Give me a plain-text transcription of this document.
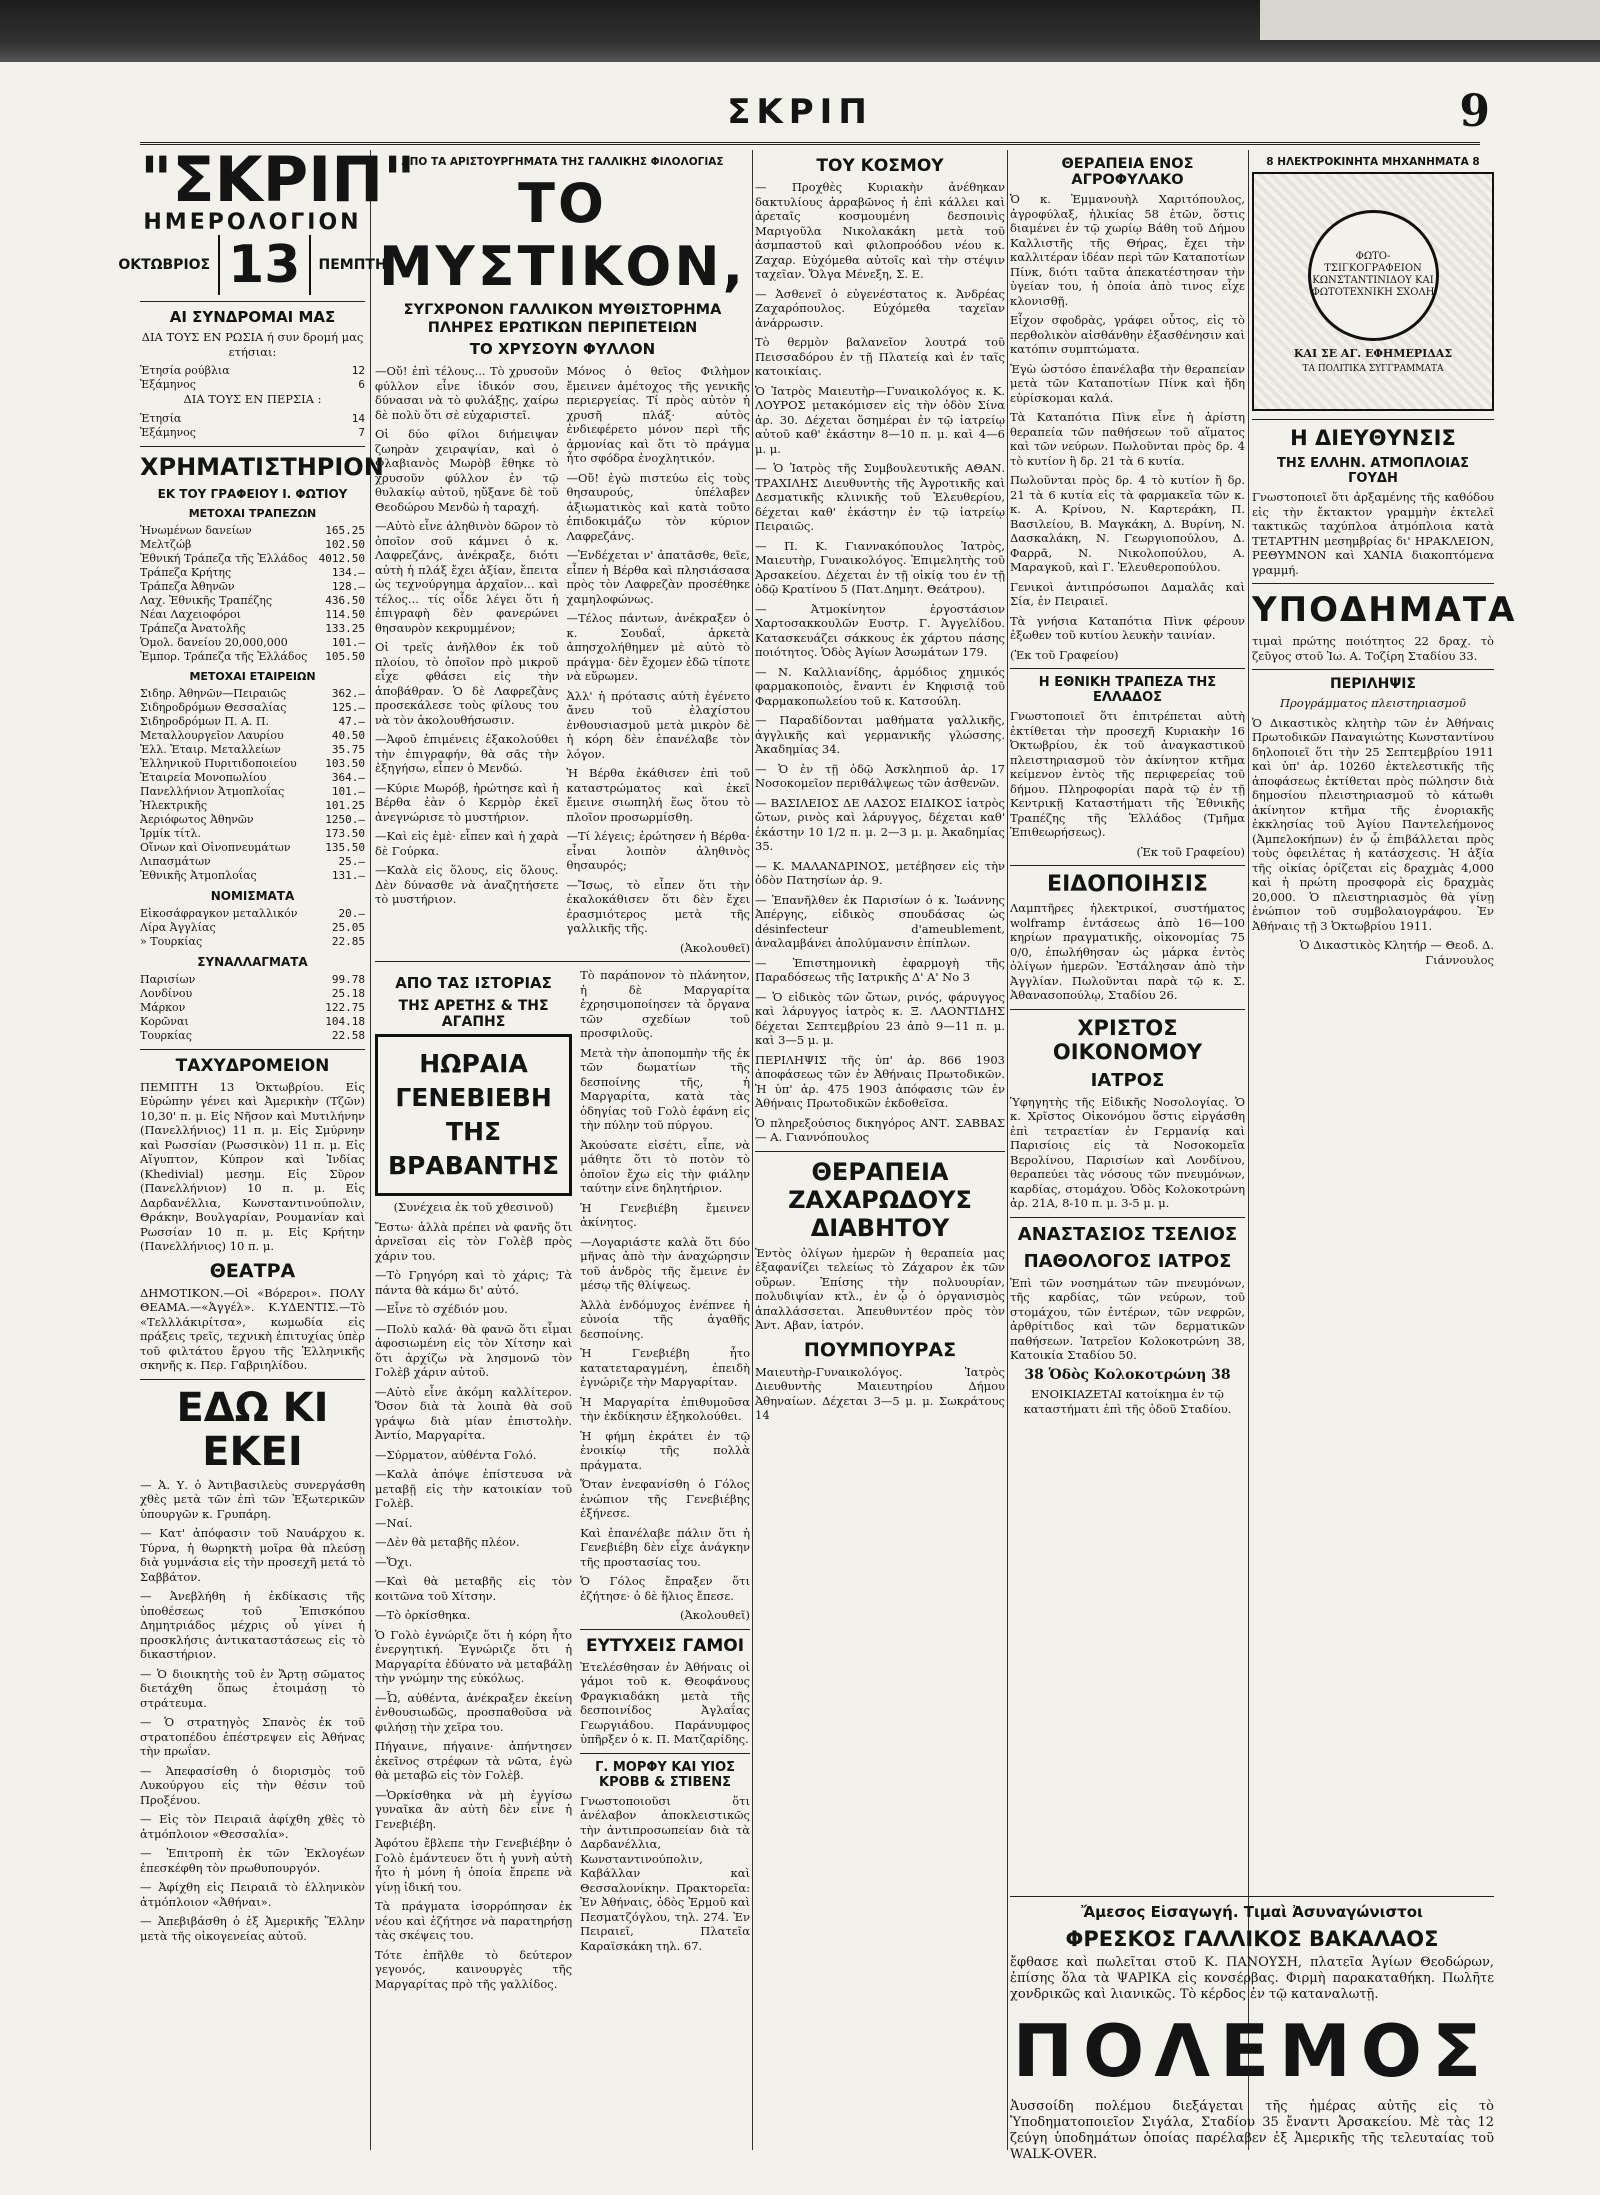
ΣΚΡΙΠ	9
"ΣΚΡΙΠ"
ΗΜΕΡΟΛΟΓΙΟΝ
ΟΚΤΩΒΡΙΟΣ 13	ΠΕΜΠΤΗ
ΑΙ ΣΥΝΔΡΟΜΑΙ ΜΑΣ

ΔΙΑ ΤΟΥΣ ΕΝ ΡΩΣΙΑ ή συν δρομή μας ετήσιαι:

Ἐτησία ρούβλια	12
Ἑξάμηνος	6

ΔΙΑ ΤΟΥΣ ΕΝ ΠΕΡΣΙΑ :

Ἐτησία	14
Ἑξάμηνος	7
ΧΡΗΜΑΤΙΣΤΗΡΙΟΝ
ΕΚ ΤΟΥ ΓΡΑΦΕΙΟΥ Ι. ΦΩΤΙΟΥ
ΜΕΤΟΧΑΙ ΤΡΑΠΕΖΩΝ
Ἡνωμένων δανείων	165.25
Μελτζώβ	102.50
Ἐθνική Τράπεζα τῆς Ἑλλάδος 4012.50
Τράπεζα Κρήτης	134.—
Τράπεζα Ἀθηνῶν	128.—
Λαχ. Ἐθνικῆς Τραπέζης	436.50
Νέαι Λαχειοφόροι	114.50
Τράπεζα Ἀνατολῆς	133.25
Ὁμολ. δανείου 20,000,000	101.—
Ἐμπορ. Τράπεζα τῆς Ἑλλάδος 105.50
ΜΕΤΟΧΑΙ ΕΤΑΙΡΕΙΩΝ
Σιδηρ. Ἀθηνῶν—Πειραιῶς	362.—
Σιδηροδρόμων Θεσσαλίας	125.—
Σιδηροδρόμων Π. Α. Π.	47.—
Μεταλλουργεῖον Λαυρίου	40.50
Ἑλλ. Ἑταιρ. Μεταλλείων	35.75
Ἑλληνικοῦ Πυριτιδοποιείου	103.50
Ἑταιρεία Μονοπωλίου	364.—
Πανελλήνιον Ἀτμοπλοΐας	101.—
Ἠλεκτρικῆς	101.25
Ἀεριόφωτος Ἀθηνῶν	1250.—
Ἰρμίκ τίτλ.	173.50
Οἴνων καὶ Οἰνοπνευμάτων	135.50
Λιπασμάτων	25.—
Ἐθνικῆς Ἀτμοπλοΐας	131.—
ΝΟΜΙΣΜΑΤΑ
Εἰκοσάφραγκον μεταλλικόν	20.—
Λίρα Ἀγγλίας	25.05
» Τουρκίας	22.85
ΣΥΝΑΛΛΑΓΜΑΤΑ
Παρισίων	99.78
Λονδίνου	25.18
Μάρκον	122.75
Κορῶναι	104.18
Τουρκίας	22.58
ΤΑΧΥΔΡΟΜΕΙΟΝ

ΠΕΜΠΤΗ 13 Ὀκτωβρίου. Εἰς Εὐρώπην γένει καὶ Ἀμερικὴν (Τζῶν) 10,30' π. μ. Εἰς Νῆσον καὶ Μυτιλήνην (Πανελλήνιος) 11 π. μ. Εἰς Σμύρνην καὶ Ρωσσίαν (Ρωσσικὸν) 11 π. μ. Εἰς Αἴγυπτον, Κύπρον καὶ Ἰνδίας (Khedivial) μεσημ. Εἰς Σῦρον (Πανελλήνιον) 10 π. μ. Εἰς Δαρδανέλλια, Κωνσταντινούπολιν, Θράκην, Βουλγαρίαν, Ρουμανίαν καὶ Ρωσσίαν 10 π. μ. Εἰς Κρήτην (Πανελλήνιος) 10 π. μ.

ΘΕΑΤΡΑ

ΔΗΜΟΤΙΚΟΝ.—Οἱ «Βόρεροι». ΠΟΛΥ ΘΕΑΜΑ.—«Ἀγγέλ». Κ.ΥΔΕΝΤΙΣ.—Τὸ «Τελλλάκιρίτσα», κωμωδία εἰς πράξεις τρεῖς, τεχνικὴ ἐπιτυχίας ὑπὲρ τοῦ φιλτάτου ἔργου τῆς Ἑλληνικῆς σκηνῆς κ. Περ. Γαβριηλίδου.

ΕΔΩ ΚΙ ΕΚΕΙ

— Ἀ. Υ. ὁ Ἀντιβασιλεὺς συνεργάσθη χθὲς μετὰ τῶν ἐπὶ τῶν Ἐξωτερικῶν ὑπουργῶν κ. Γρυπάρη.

— Κατ' ἀπόφασιν τοῦ Ναυάρχου κ. Τύρνα, ἡ θωρηκτὴ μοῖρα θὰ πλεύσῃ διὰ γυμνάσια εἰς τὴν προσεχῆ μετά τὸ Σαββάτον.

— Ἀνεβλήθη ἡ ἐκδίκασις τῆς ὑποθέσεως τοῦ Ἐπισκόπου Δημητριάδος μέχρις οὗ γίνει ἡ προσκλήσις ἀντικαταστάσεως εἰς τὸ δικαστήριον.

— Ὁ διοικητὴς τοῦ ἐν Ἄρτῃ σῶματος διετάχθη ὅπως ἐτοιμάσῃ τὸ στράτευμα.

— Ὁ στρατηγὸς Σπανὸς ἐκ τοῦ στρατοπέδου ἐπέστρεψεν εἰς Ἀθήνας τὴν πρωΐαν.

— Ἀπεφασίσθη ὁ διορισμὸς τοῦ Λυκούργου εἰς τὴν θέσιν τοῦ Προξένου.

— Εἰς τὸν Πειραιᾶ ἀφίχθη χθὲς τὸ ἀτμόπλοιον «Θεσσαλία».

— Ἐπιτροπὴ ἐκ τῶν Ἐκλογέων ἐπεσκέφθη τὸν πρωθυπουργόν.

— Ἀφίχθη εἰς Πειραιᾶ τὸ ἑλληνικὸν ἀτμόπλοιον «Ἀθήναι».

— Ἀπεβιβάσθη ὁ ἐξ Ἀμερικῆς Ἕλλην μετὰ τῆς οἰκογενείας αὐτοῦ.

ΑΠΟ ΤΑ ΑΡΙΣΤΟΥΡΓΗΜΑΤΑ ΤΗΣ ΓΑΛΛΙΚΗΣ ΦΙΛΟΛΟΓΙΑΣ
ΤΟ ΜΥΣΤΙΚΟΝ,
ΣΥΓΧΡΟΝΟΝ ΓΑΛΛΙΚΟΝ ΜΥΘΙΣΤΟΡΗΜΑ
ΠΛΗΡΕΣ ΕΡΩΤΙΚΩΝ ΠΕΡΙΠΕΤΕΙΩΝ
ΤΟ ΧΡΥΣΟΥΝ ΦΥΛΛΟΝ

—Οὔ! ἐπὶ τέλους... Τὸ χρυσοῦν φύλλον εἶνε ἰδικόν σου, δύνασαι νὰ τὸ φυλάξῃς, χαίρω δὲ πολὺ ὅτι σὲ εὐχαριστεῖ.

Οἱ δύο φίλοι διήμειψαν ζωηρὰν χειραψίαν, καὶ ὁ Φλαβιανὸς Μωρὸβ ἔθηκε τὸ χρυσοῦν φύλλον ἐν τῷ θυλακίῳ αὐτοῦ, ηὔξανε δὲ τοῦ Θεοδώρου Μενδὼ ἡ ταραχή.

—Αὐτὸ εἶνε ἀληθινὸν δῶρον τὸ ὁποῖον σοῦ κάμνει ὁ κ. Λαφρεζάνς, ἀνέκραξε, διότι αὐτὴ ἡ πλάξ ἔχει ἀξίαν, ἔπειτα ὡς τεχνούργημα ἀρχαῖον... καὶ τέλος... τίς οἶδε λέγει ὅτι ἡ ἐπιγραφὴ δὲν φανερώνει θησαυρὸν κεκρυμμένον;

Οἱ τρεῖς ἀνῆλθον ἐκ τοῦ πλοίου, τὸ ὁποῖον πρὸ μικροῦ εἶχε φθάσει εἰς τὴν ἀποβάθραν. Ὁ δὲ Λαφρεζὰνς προσεκάλεσε τοὺς φίλους του νὰ τὸν ἀκολουθήσωσιν.

—Ἀφοῦ ἐπιμένεις ἐξακολούθει τὴν ἐπιγραφήν, θὰ σᾶς τὴν ἐξηγήσω, εἶπεν ὁ Μενδώ.

—Κύριε Μωρόβ, ἠρώτησε καὶ ἡ Βέρθα ἐὰν ὁ Κερμὸρ ἐκεῖ ἀνεγνώρισε τὸ μυστήριον.

—Καὶ εἰς ἐμὲ· εἶπεν καὶ ἡ χαρὰ δὲ Γούρκα.

—Καλὰ εἰς ὅλους, εἰς ὅλους. Δὲν δύνασθε νὰ ἀναζητήσετε τὸ μυστήριον.

Μόνος ὁ θεῖος Φιλὴμον ἔμεινεν ἀμέτοχος τῆς γενικῆς περιεργείας. Τί πρὸς αὐτὸν ἡ χρυσῆ πλάξ· αὐτὸς ἐνδιεφέρετο μόνον περὶ τῆς ἁρμονίας καὶ ὅτι τὸ πράγμα ἦτο σφόδρα ἐνοχλητικόν.

—Οὔ! ἐγὼ πιστεύω εἰς τοὺς θησαυρούς, ὑπέλαβεν ἀξιωματικὸς καὶ κατὰ τοῦτο ἐπιδοκιμάζω τὸν κύριον Λαφρεζάνς.

—Ἐνδέχεται ν' ἀπατᾶσθε, θεῖε, εἶπεν ἡ Βέρθα καὶ πλησιάσασα πρὸς τὸν Λαφρεζὰν προσέθηκε χαμηλοφώνως.

—Τέλος πάντων, ἀνέκραξεν ὁ κ. Σουδαΐ, ἀρκετὰ ἀπησχολήθημεν μὲ αὐτὸ τὸ πράγμα· δὲν ἔχομεν ἐδῶ τίποτε νὰ εὕρωμεν.

Ἀλλ' ἡ πρότασις αὐτὴ ἐγένετο ἄνευ τοῦ ἐλαχίστου ἐνθουσιασμοῦ μετὰ μικρὸν δὲ ἡ κόρη δὲν ἐπανέλαβε τὸν λόγον.

Ἡ Βέρθα ἐκάθισεν ἐπὶ τοῦ καταστρώματος καὶ ἐκεῖ ἔμεινε σιωπηλή ἕως ὅτου τὸ πλοῖον προσωρμίσθη.

—Τί λέγεις; ἐρώτησεν ἡ Βέρθα· εἶναι λοιπὸν ἀληθινὸς θησαυρός;

—Ἴσως, τὸ εἶπεν ὅτι τὴν ἐκαλοκάθισεν ὅτι δὲν ἔχει ἐρασμιότερος μετὰ τῆς γαλλικῆς τῆς.

(Ἀκολουθεῖ)

ΑΠΟ ΤΑΣ ΙΣΤΟΡΙΑΣ
ΤΗΣ ΑΡΕΤΗΣ & ΤΗΣ ΑΓΑΠΗΣ
ΗΩΡΑΙΑ ΓΕΝΕΒΙΕΒΗ ΤΗΣ ΒΡΑΒΑΝΤΗΣ

(Συνέχεια ἐκ τοῦ χθεσινοῦ)

Ἔστω· ἀλλὰ πρέπει νὰ φανῆς ὅτι ἀρνεῖσαι εἰς τὸν Γολὲβ πρὸς χάριν του.

—Τὸ Γρηγόρη καὶ τὸ χάρις; Τὰ πάντα θὰ κάμω δι' αὐτό.

—Εἶνε τὸ σχέδιόν μου.

—Πολὺ καλά· θὰ φανῶ ὅτι εἶμαι ἀφοσιωμένη εἰς τὸν Χίτσην καὶ ὅτι ἀρχίζω νὰ λησμονῶ τὸν Γολὲβ χάριν αὐτοῦ.

—Αὐτὸ εἶνε ἀκόμη καλλίτερον. Ὅσον διὰ τὰ λοιπὰ θὰ σοῦ γράψω διὰ μίαν ἐπιστολὴν. Ἀντίο, Μαργαρίτα.

—Σύρματον, αὐθέντα Γολό.

—Καλὰ ἀπόψε ἐπίστευσα νὰ μεταβῇ εἰς τὴν κατοικίαν τοῦ Γολὲβ.

—Ναί.

—Δὲν θὰ μεταβῆς πλέον.

—Ὄχι.

—Καὶ θὰ μεταβῆς εἰς τὸν κοιτῶνα τοῦ Χίτσην.

—Τὸ ὀρκίσθηκα.

Ὁ Γολὸ ἐγνώριζε ὅτι ἡ κόρη ἦτο ἐνεργητική. Ἐγνώριζε ὅτι ἡ Μαργαρίτα ἐδύνατο νὰ μεταβάλῃ τὴν γνώμην της εὐκόλως.

—Ὦ, αὐθέντα, ἀνέκραξεν ἐκείνη ἐνθουσιωδῶς, προσπαθοῦσα νὰ φιλήσῃ τὴν χεῖρα του.

Πήγαινε, πήγαινε· ἀπήντησεν ἐκεῖνος στρέφων τὰ νῶτα, ἐγὼ θὰ μεταβῶ εἰς τὸν Γολὲβ.

—Ὁρκίσθηκα νὰ μὴ ἐγγίσω γυναῖκα ἂν αὐτὴ δὲν εἶνε ἡ Γενεβιέβη.

Ἀφότου ἔβλεπε τὴν Γενεβιέβην ὁ Γολὸ ἐμάντευεν ὅτι ἡ γυνὴ αὐτὴ ἦτο ἡ μόνη ἡ ὁποία ἔπρεπε νὰ γίνῃ ἰδική του.

Τὰ πράγματα ἰσορρόπησαν ἐκ νέου καὶ ἐζήτησε νὰ παρατηρήσῃ τὰς σκέψεις του.

Τότε ἐπῆλθε τὸ δεύτερον γεγονός, καινουργὲς τῆς Μαργαρίτας πρὸ τῆς γαλλίδος.

Τὸ παράπονον τὸ πλάνητον, ἡ δὲ Μαργαρίτα ἐχρησιμοποίησεν τὰ ὄργανα τῶν σχεδίων τοῦ προσφιλοῦς.

Μετὰ τὴν ἀποπομπὴν τῆς ἐκ τῶν δωματίων τῆς δεσποίνης τῆς, ἡ Μαργαρίτα, κατὰ τὰς ὁδηγίας τοῦ Γολὸ ἐφάνη εἰς τὴν πύλην τοῦ πύργου.

Ἀκούσατε εἰσέτι, εἶπε, νὰ μάθητε ὅτι τὸ ποτὸν τὸ ὁποῖον ἔχω εἰς τὴν φιάλην ταύτην εἶνε δηλητήριον.

Ἡ Γενεβιέβη ἔμεινεν ἀκίνητος.

—Λογαριάστε καλὰ ὅτι δύο μῆνας ἀπὸ τὴν ἀναχώρησιν τοῦ ἀνδρὸς τῆς ἔμεινε ἐν μέσῳ τῆς θλίψεως.

Ἀλλὰ ἐνδόμυχος ἐνέπνεε ἡ εὐνοία τῆς ἀγαθῆς δεσποίνης.

Ἡ Γενεβιέβη ἦτο κατατεταραγμένη, ἐπειδὴ ἐγνώριζε τὴν Μαργαρίταν.

Ἡ Μαργαρίτα ἐπιθυμοῦσα τὴν ἐκδίκησιν ἐξηκολούθει.

Ἡ φήμη ἐκράτει ἐν τῷ ἐνοικίῳ τῆς πολλὰ πράγματα.

Ὅταν ἐνεφανίσθη ὁ Γόλος ἐνώπιον τῆς Γενεβιέβης ἐξήνεσε.

Καὶ ἐπανέλαβε πάλιν ὅτι ἡ Γενεβιέβη δὲν εἶχε ἀνάγκην τῆς προστασίας του.

Ὁ Γόλος ἔπραξεν ὅτι ἐζήτησε· ὁ δὲ ἥλιος ἔπεσε.

(Ἀκολουθεῖ)

ΕΥΤΥΧΕΙΣ ΓΑΜΟΙ

Ἐτελέσθησαν ἐν Ἀθήναις οἱ γάμοι τοῦ κ. Θεοφάνους Φραγκιαδάκη μετὰ τῆς δεσποινίδος Ἀγλαΐας Γεωργιάδου. Παράνυμφος ὑπῆρξεν ὁ κ. Π. Ματζαρίδης.

Γ. ΜΟΡΦΥ ΚΑΙ ΥΙΟΣ ΚΡΟΒΒ & ΣΤΙΒΕΝΣ

Γνωστοποιοῦσι ὅτι ἀνέλαβον ἀποκλειστικῶς τὴν ἀντιπροσωπείαν διὰ τὰ Δαρδανέλλια, Κωνσταντινούπολιν, Καβάλλαν καὶ Θεσσαλονίκην. Πρακτορεῖα: Ἐν Ἀθήναις, ὁδὸς Ἑρμοῦ καὶ Πεσματζόγλου, τηλ. 274. Ἐν Πειραιεῖ, Πλατεῖα Καραϊσκάκη τηλ. 67.

ΤΟΥ ΚΟΣΜΟΥ

— Προχθὲς Κυριακὴν ἀνέθηκαν δακτυλίους ἀρραβῶνος ἡ ἐπὶ κάλλει καὶ ἀρεταῖς κοσμουμένη δεσποινὶς Μαριγοῦλα Νικολακάκη μετὰ τοῦ ἀσμπαστοῦ καὶ φιλοπροόδου νέου κ. Ζαχαρ. Εὐχόμεθα αὐτοῖς καὶ τὴν στέψιν ταχεῖαν. Ὄλγα Μένεξη, Σ. Ε.

— Ἀσθενεῖ ὁ εὐγενέστατος κ. Ἀνδρέας Ζαχαρόπουλος. Εὐχόμεθα ταχεῖαν ἀνάρρωσιν.

Τὸ θερμὸν βαλανεῖον λουτρά τοῦ Πεισσαδόρου ἐν τῇ Πλατείᾳ καὶ ἐν ταῖς κατοικίαις.

Ὁ Ἰατρὸς Μαιευτὴρ—Γυναικολόγος κ. Κ. ΛΟΥΡΟΣ μετακόμισεν εἰς τὴν ὁδὸν Σίνα ἀρ. 30. Δέχεται ὅσημέραι ἐν τῷ ἰατρείῳ αὐτοῦ καθ' ἑκάστην 8—10 π. μ. καὶ 4—6 μ. μ.

— Ὁ Ἰατρὸς τῆς Συμβουλευτικῆς ΑΘΑΝ. ΤΡΑΧΙΛΗΣ Διευθυντὴς τῆς Ἀγροτικῆς καὶ Δεσματικῆς κλινικῆς τοῦ Ἐλευθερίου, δέχεται καθ' ἑκάστην ἐν τῷ ἰατρείῳ Πειραιῶς.

— Π. Κ. Γιαννακόπουλος Ἰατρὸς, Μαιευτὴρ, Γυναικολόγος. Ἐπιμελητὴς τοῦ Ἀρσακείου. Δέχεται ἐν τῇ οἰκίᾳ του ἐν τῇ ὁδῷ Κρατίνου 5 (Πατ.Δημητ. Θεάτρου).

— Ἀτμοκίνητον ἐργοστάσιον Χαρτοσακκουλῶν Ευστρ. Γ. Ἀγγελίδου. Κατασκευάζει σάκκους ἐκ χάρτου πάσης ποιότητος. Ὁδὸς Ἀγίων Ἀσωμάτων 179.

— Ν. Καλλιανίδης, ἀρμόδιος χημικός φαρμακοποιὸς, ἔναντι ἐν Κηφισιᾷ τοῦ Φαρμακοπωλείου τοῦ κ. Κατσούλη.

— Παραδίδονται μαθήματα γαλλικῆς, ἀγγλικῆς καὶ γερμανικῆς γλώσσης. Ἀκαδημίας 34.

— Ὁ ἐν τῇ ὁδῷ Ἀσκληπιοῦ ἀρ. 17 Νοσοκομεῖον περιθάλψεως τῶν ἀσθενῶν.

— ΒΑΣΙΛΕΙΟΣ ΔΕ ΛΑΣΟΣ ΕΙΔΙΚΟΣ ἰατρὸς ὤτων, ρινὸς καὶ λάρυγγος, δέχεται καθ' ἑκάστην 10 1/2 π. μ. 2—3 μ. μ. Ἀκαδημίας 35.

— Κ. ΜΑΛΑΝΔΡΙΝΟΣ, μετέβησεν εἰς τὴν ὁδὸν Πατησίων ἀρ. 9.

— Ἐπανῆλθεν ἐκ Παρισίων ὁ κ. Ἰωάννης Ἀπέργης, εἰδικὸς σπουδάσας ὡς désinfecteur d'ameublement, ἀναλαμβάνει ἀπολύμανσιν ἐπίπλων.

— Ἐπιστημονικὴ ἐφαρμογὴ τῆς Παραδόσεως τῆς Ιατρικῆς Δ' Α' Νο 3

— Ὁ εἰδικὸς τῶν ὤτων, ρινός, φάρυγγος καὶ λάρυγγος ἰατρὸς κ. Ξ. ΛΑΟΝΤΙΔΗΣ δέχεται Σεπτεμβρίου 23 ἀπὸ 9—11 π. μ. καὶ 3—5 μ. μ.

ΠΕΡΙΛΗΨΙΣ τῆς ὑπ' ἀρ. 866 1903 ἀποφάσεως τῶν ἐν Ἀθήναις Πρωτοδικῶν. Ἡ ὑπ' ἀρ. 475 1903 ἀπόφασις τῶν ἐν Ἀθήναις Πρωτοδικῶν ἐκδοθεῖσα.

Ὁ πληρεξούσιος δικηγόρος ΑΝΤ. ΣΑΒΒΑΣ — Α. Γιαννόπουλος

ΘΕΡΑΠΕΙΑ ΖΑΧΑΡΩΔΟΥΣ ΔΙΑΒΗΤΟΥ

Ἐντὸς ὀλίγων ἡμερῶν ἡ θεραπεία μας ἐξαφανίζει τελείως τὸ Ζάχαρον ἐκ τῶν οὔρων. Ἐπίσης τὴν πολυουρίαν, πολυδιψίαν κτλ., ἐν ᾧ ὁ ὀργανισμὸς ἀπαλλάσσεται. Ἀπευθυντέον πρὸς τὸν Ἀντ. Αβαν, ἰατρόν.

ΠΟΥΜΠΟΥΡΑΣ

Μαιευτὴρ-Γυναικολόγος. Ἰατρὸς Διευθυντὴς Μαιευτηρίου Δήμου Ἀθηναίων. Δέχεται 3—5 μ. μ. Σωκράτους 14

ΘΕΡΑΠΕΙΑ ΕΝΟΣ ΑΓΡΟΦΥΛΑΚΟ

Ὁ κ. Ἐμμανουὴλ Χαριτόπουλος, ἀγροφύλαξ, ἡλικίας 58 ἐτῶν, ὅστις διαμένει ἐν τῷ χωρίῳ Βάθη τοῦ Δήμου Καλλιστῆς τῆς Θήρας, ἔχει τὴν καλλιτέραν ἰδέαν περὶ τῶν Καταποτίων Πίνκ, διότι ταῦτα ἀπεκατέστησαν τὴν ὑγείαν του, ἡ ὁποία ἀπὸ τινος εἶχε κλονισθῇ.

Εἶχον σφοδρὰς, γράφει οὗτος, εἰς τὸ περθολικὸν αἰσθάνθην ἐξασθένησιν καὶ κατόπιν συμπτώματα.

Ἐγὼ ὡστόσο ἐπανέλαβα τὴν θεραπείαν μετὰ τῶν Καταποτίων Πίνκ καὶ ἤδη εὑρίσκομαι καλά.

Τὰ Καταπότια Πὶνκ εἶνε ἡ ἀρίστη θεραπεία τῶν παθήσεων τοῦ αἵματος καὶ τῶν νεύρων. Πωλοῦνται πρὸς δρ. 4 τὸ κυτίον ἢ δρ. 21 τὰ 6 κυτία.

Πωλοῦνται πρὸς δρ. 4 τὸ κυτίον ἢ δρ. 21 τὰ 6 κυτία εἰς τὰ φαρμακεῖα τῶν κ. κ. Α. Κρίνου, Ν. Καρτεράκη, Π. Βασιλείου, Β. Μαγκάκη, Δ. Βυρίνη, Ν. Δασκαλάκη, Ν. Γεωργιοπούλου, Δ. Φαρρᾶ, Ν. Νικολοπούλου, Α. Μαραγκοῦ, καὶ Γ. Ἐλευθεροπούλου.

Γενικοὶ ἀντιπρόσωποι Δαμαλᾶς καὶ Σία, ἐν Πειραιεῖ.

Τὰ γνήσια Καταπότια Πὶνκ φέρουν ἐξωθεν τοῦ κυτίου λευκὴν ταινίαν.

(Ἐκ τοῦ Γραφείου)

Η ΕΘΝΙΚΗ ΤΡΑΠΕΖΑ ΤΗΣ ΕΛΛΑΔΟΣ

Γνωστοποιεῖ ὅτι ἐπιτρέπεται αὐτὴ ἐκτίθεται τὴν προσεχῆ Κυριακὴν 16 Ὀκτωβρίου, ἐκ τοῦ ἀναγκαστικοῦ πλειστηριασμοῦ τὸν ἀκίνητον κτῆμα κείμενον ἐντὸς τῆς περιφερείας τοῦ δήμου. Πληροφορίαι παρὰ τῷ ἐν τῇ Κεντρικῇ Καταστήματι τῆς Ἐθνικῆς Τραπέζης τῆς Ἑλλάδος (Τμῆμα Ἐπιθεωρήσεως).

(Ἐκ τοῦ Γραφείου)

ΕΙΔΟΠΟΙΗΣΙΣ

Λαμπτῆρες ἠλεκτρικοί, συστήματος wolframp ἐντάσεως ἀπὸ 16—100 κηρίων πραγματικῆς, οἰκονομίας 75 0/0, ἐπωλήθησαν ὡς μάρκα ἐντὸς ὀλίγων ἡμερῶν. Ἐστάλησαν ἀπὸ τὴν Ἀγγλίαν. Πωλοῦνται παρὰ τῷ κ. Σ. Ἀθανασοπούλῳ, Σταδίου 26.

ΧΡΙΣΤΟΣ ΟΙΚΟΝΟΜΟΥ
ΙΑΤΡΟΣ

Ὑφηγητὴς τῆς Εἰδικῆς Νοσολογίας. Ὁ κ. Χρῖστος Οἰκονόμου ὅστις εἰργάσθη ἐπὶ τετραετίαν ἐν Γερμανίᾳ καὶ Παρισίοις εἰς τὰ Νοσοκομεῖα Βερολίνου, Παρισίων καὶ Λονδίνου, θεραπεύει τὰς νόσους τῶν πνευμόνων, καρδίας, στομάχου. Ὁδὸς Κολοκοτρώνη ἀρ. 21Α, 8-10 π. μ. 3-5 μ. μ.

ΑΝΑΣΤΑΣΙΟΣ ΤΣΕΛΙΟΣ
ΠΑΘΟΛΟΓΟΣ ΙΑΤΡΟΣ

Ἐπὶ τῶν νοσημάτων τῶν πνευμόνων, τῆς καρδίας, τῶν νεύρων, τοῦ στομάχου, τῶν ἐντέρων, τῶν νεφρῶν, ἀρθρίτιδος καὶ τῶν δερματικῶν παθήσεων. Ἰατρεῖον Κολοκοτρώνη 38, Κατοικία Σταδίου 50.

38 Ὁδὸς Κολοκοτρώνη 38

ΕΝΟΙΚΙΑΖΕΤΑΙ κατοίκημα ἐν τῷ καταστήματι ἐπὶ τῆς ὁδοῦ Σταδίου.

8 ΗΛΕΚΤΡΟΚΙΝΗΤΑ ΜΗΧΑΝΗΜΑΤΑ 8
ΦΩΤΟ-ΤΣΙΓΚΟΓΡΑΦΕΙΟΝ ΚΩΝΣΤΑΝΤΙΝΙΔΟΥ ΚΑΙ ΦΩΤΟΤΕΧΝΙΚΗ ΣΧΟΛΗ
ΚΑΙ ΣΕ ΑΓ. ΕΦΗΜΕΡΙΔΑΣ
ΤΑ ΠΟΛΙΤΙΚΑ ΣΥΓΓΡΑΜΜΑΤΑ
Η ΔΙΕΥΘΥΝΣΙΣ
ΤΗΣ ΕΛΛΗΝ. ΑΤΜΟΠΛΟΙΑΣ ΓΟΥΔΗ

Γνωστοποιεῖ ὅτι ἀρξαμένης τῆς καθόδου εἰς τὴν ἔκτακτον γραμμὴν ἐκτελεῖ τακτικῶς ταχύπλοα ἀτμόπλοια κατὰ ΤΕΤΑΡΤΗΝ μεσημβρίας δι' ΗΡΑΚΛΕΙΟΝ, ΡΕΘΥΜΝΟΝ καὶ ΧΑΝΙΑ διακοπτόμενα γραμμή.

ΥΠΟΔΗΜΑΤΑ

τιμαὶ πρώτης ποιότητος 22 δραχ. τὸ ζεῦγος στοῦ Ἰω. Α. Τοζίρη Σταδίου 33.

ΠΕΡΙΛΗΨΙΣ

Προγράμματος πλειστηριασμοῦ

Ὁ Δικαστικὸς κλητὴρ τῶν ἐν Ἀθήναις Πρωτοδικῶν Παναγιώτης Κωνσταντίνου δηλοποιεῖ ὅτι τὴν 25 Σεπτεμβρίου 1911 καὶ ὑπ' ἀρ. 10260 ἐκτελεστικῆς τῆς ἀποφάσεως ἐκτίθεται πρὸς πώλησιν διὰ δημοσίου πλειστηριασμοῦ τὸ κάτωθι ἀκίνητον κτῆμα τῆς ἐνοριακῆς ἐκκλησίας τοῦ Ἁγίου Παντελεήμονος (Ἀμπελοκήπων) ἐν ᾧ ἐπιβάλλεται πρὸς τοὺς ὀφειλέτας ἡ κατάσχεσις. Ἡ ἀξία τῆς οἰκίας ὁρίζεται εἰς δραχμὰς 4,000 καὶ ἡ πρώτη προσφορὰ εἰς δραχμὰς 20,000. Ὁ πλειστηριασμὸς θὰ γίνῃ ἐνώπιον τοῦ συμβολαιογράφου. Ἐν Ἀθήναις τῇ 3 Ὀκτωβρίου 1911.

Ὁ Δικαστικὸς Κλητήρ — Θεοδ. Δ. Γιάννουλος

Ἄμεσος Εἰσαγωγή. Τιμαὶ Ἀσυναγώνιστοι
ΦΡΕΣΚΟΣ ΓΑΛΛΙΚΟΣ ΒΑΚΑΛΑΟΣ

ἔφθασε καὶ πωλεῖται στοῦ Κ. ΠΑΝΟΥΣΗ, πλατεῖα Ἁγίων Θεοδώρων, ἐπίσης ὅλα τὰ ΨΑΡΙΚΑ εἰς κονσέρβας. Φιρμὴ παρακαταθήκη. Πωλῆτε χονδρικῶς καὶ λιανικῶς. Τὸ κέρδος ἐν τῷ καταναλωτῇ.

ΠΟΛΕΜΟΣ

Ἀυσσοίδη πολέμου διεξάγεται τῆς ἡμέρας αὐτῆς εἰς τὸ Ὑποδηματοποιεῖον Σιγάλα, Σταδίου 35 ἔναντι Ἀρσακείου. Μὲ τὰς 12 ζεύγη ὑποδημάτων ὁποίας παρέλαβεν ἐξ Ἀμερικῆς τῆς τελευταίας τοῦ WALK-OVER.
